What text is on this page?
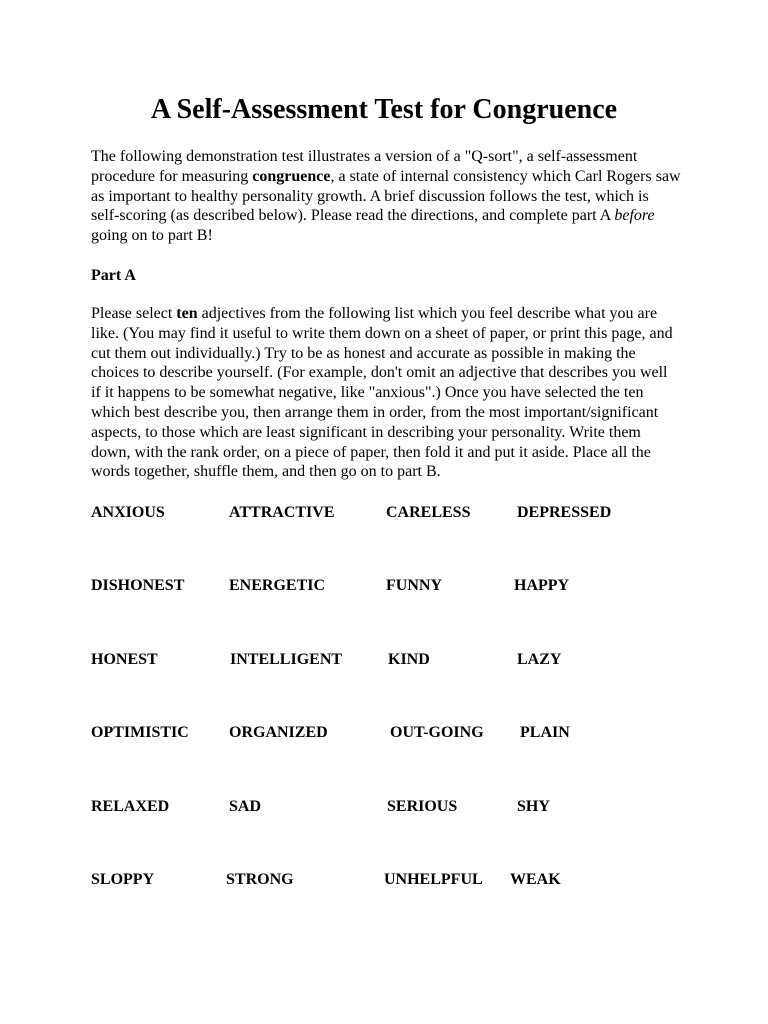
A Self-Assessment Test for Congruence

The following demonstration test illustrates a version of a "Q-sort", a self-assessment procedure for measuring congruence, a state of internal consistency which Carl Rogers saw as important to healthy personality growth. A brief discussion follows the test, which is self-scoring (as described below). Please read the directions, and complete part A before going on to part B!

Part A

Please select ten adjectives from the following list which you feel describe what you are like. (You may find it useful to write them down on a sheet of paper, or print this page, and cut them out individually.) Try to be as honest and accurate as possible in making the choices to describe yourself. (For example, don't omit an adjective that describes you well if it happens to be somewhat negative, like "anxious".) Once you have selected the ten which best describe you, then arrange them in order, from the most important/significant aspects, to those which are least significant in describing your personality. Write them down, with the rank order, on a piece of paper, then fold it and put it aside. Place all the words together, shuffle them, and then go on to part B.

ANXIOUS	ATTRACTIVE	CARELESS	DEPRESSED
DISHONEST	ENERGETIC	FUNNY	HAPPY
HONEST	INTELLIGENT	KIND	LAZY
OPTIMISTIC	ORGANIZED	OUT-GOING PLAIN
RELAXED	SAD	SERIOUS	SHY
SLOPPY	STRONG	UNHELPFUL WEAK
